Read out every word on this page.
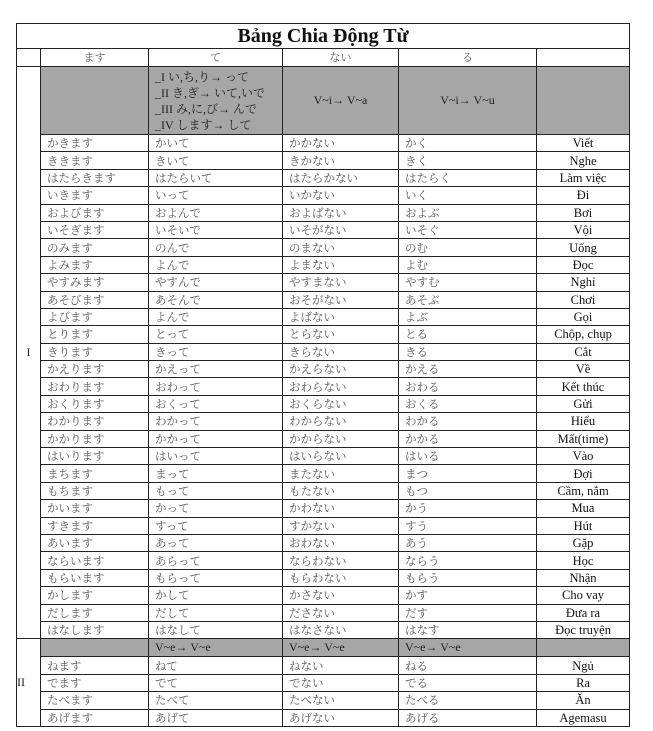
Bảng Chia Động Từ					
	ます	て	ない	る	
I		_I い,ち,り→ って
_II き,ぎ→ いて,いで
_III み,に,び→ んで
_IV します→ して	V~i→ V~a	V~i→ V~u	
	かきます	かいて	かかない	かく	Viết
	ききます	きいて	きかない	きく	Nghe
	はたらきます	はたらいて	はたらかない	はたらく	Làm việc
	いきます	いって	いかない	いく	Đi
	およびます	およんで	およばない	およぶ	Bơi
	いそぎます	いそいで	いそがない	いそぐ	Vội
	のみます	のんで	のまない	のむ	Uống
	よみます	よんで	よまない	よむ	Đọc
	やすみます	やすんで	やすまない	やすむ	Nghỉ
	あそびます	あそんで	おそがない	あそぶ	Chơi
	よびます	よんで	よばない	よぶ	Gọi
	とります	とって	とらない	とる	Chộp, chụp
	きります	きって	きらない	きる	Cắt
	かえります	かえって	かえらない	かえる	Về
	おわります	おわって	おわらない	おわる	Kết thúc
	おくります	おくって	おくらない	おくる	Gửi
	わかります	わかって	わからない	わかる	Hiểu
	かかります	かかって	かからない	かかる	Mất(time)
	はいります	はいって	はいらない	はいる	Vào
	まちます	まって	またない	まつ	Đợi
	もちます	もって	もたない	もつ	Cầm, nắm
	かいます	かって	かわない	かう	Mua
	すきます	すって	すかない	すう	Hút
	あいます	あって	おわない	あう	Gặp
	ならいます	あらって	ならわない	ならう	Học
	もらいます	もらって	もらわない	もらう	Nhận
	かします	かして	かさない	かす	Cho vay
	だします	だして	ださない	だす	Đưa ra
	はなします	はなして	はなさない	はなす	Đọc truyện
II		V~e→ V~e	V~e→ V~e	V~e→ V~e	
	ねます	ねて	ねない	ねる	Ngủ
	でます	でて	でない	でる	Ra
	たべます	たべて	たべない	たべる	Ăn
	あげます	あげて	あげない	あげる	Agemasu
